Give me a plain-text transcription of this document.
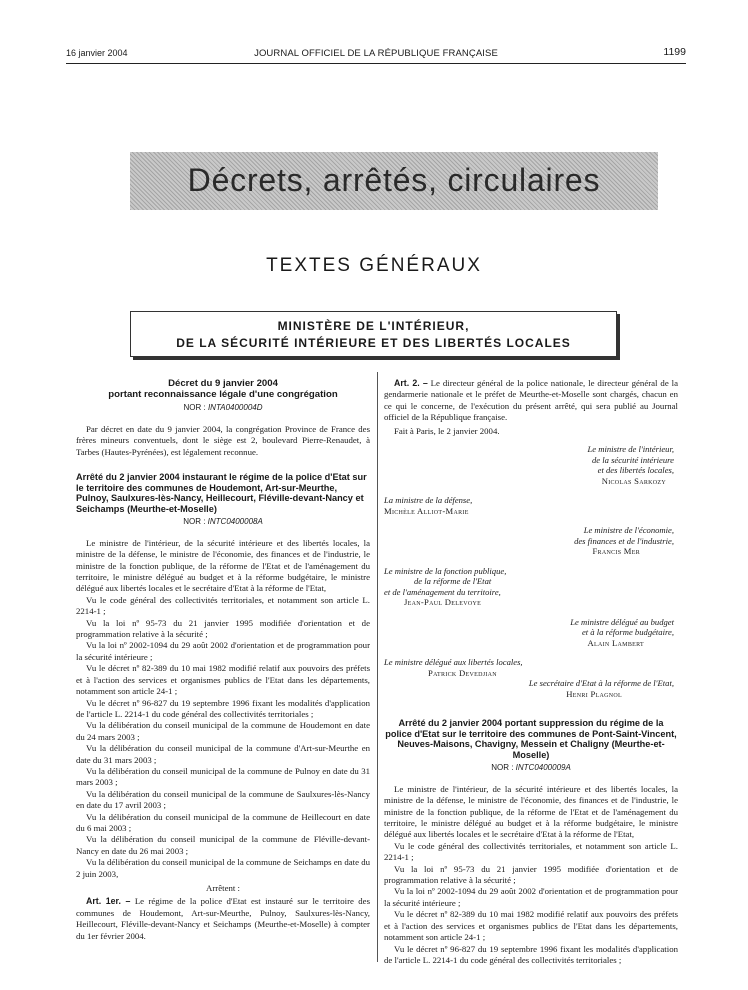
16 janvier 2004	JOURNAL OFFICIEL DE LA RÉPUBLIQUE FRANÇAISE	1199
Décrets, arrêtés, circulaires
TEXTES GÉNÉRAUX
MINISTÈRE DE L'INTÉRIEUR,
DE LA SÉCURITÉ INTÉRIEURE ET DES LIBERTÉS LOCALES
Décret du 9 janvier 2004
portant reconnaissance légale d'une congrégation
NOR : INTA0400004D

Par décret en date du 9 janvier 2004, la congrégation Province de France des frères mineurs conventuels, dont le siège est 2, boulevard Pierre-Renaudet, à Tarbes (Hautes-Pyrénées), est légalement reconnue.

Arrêté du 2 janvier 2004 instaurant le régime de la police d'Etat sur le territoire des communes de Houdemont, Art-sur-Meurthe, Pulnoy, Saulxures-lès-Nancy, Heillecourt, Fléville-devant-Nancy et Seichamps (Meurthe-et-Moselle)
NOR : INTC0400008A

Le ministre de l'intérieur, de la sécurité intérieure et des libertés locales, la ministre de la défense, le ministre de l'économie, des finances et de l'industrie, le ministre de la fonction publique, de la réforme de l'Etat et de l'aménagement du territoire, le ministre délégué au budget et à la réforme budgétaire, le ministre délégué aux libertés locales et le secrétaire d'Etat à la réforme de l'Etat,

Vu le code général des collectivités territoriales, et notamment son article L. 2214-1 ;

Vu la loi nº 95-73 du 21 janvier 1995 modifiée d'orientation et de programmation relative à la sécurité ;

Vu la loi nº 2002-1094 du 29 août 2002 d'orientation et de programmation pour la sécurité intérieure ;

Vu le décret nº 82-389 du 10 mai 1982 modifié relatif aux pouvoirs des préfets et à l'action des services et organismes publics de l'Etat dans les départements, notamment son article 24-1 ;

Vu le décret nº 96-827 du 19 septembre 1996 fixant les modalités d'application de l'article L. 2214-1 du code général des collectivités territoriales ;

Vu la délibération du conseil municipal de la commune de Houdemont en date du 24 mars 2003 ;

Vu la délibération du conseil municipal de la commune d'Art-sur-Meurthe en date du 31 mars 2003 ;

Vu la délibération du conseil municipal de la commune de Pulnoy en date du 31 mars 2003 ;

Vu la délibération du conseil municipal de la commune de Saulxures-lès-Nancy en date du 17 avril 2003 ;

Vu la délibération du conseil municipal de la commune de Heillecourt en date du 6 mai 2003 ;

Vu la délibération du conseil municipal de la commune de Fléville-devant-Nancy en date du 26 mai 2003 ;

Vu la délibération du conseil municipal de la commune de Seichamps en date du 2 juin 2003,

Arrêtent :

Art. 1er. – Le régime de la police d'Etat est instauré sur le territoire des communes de Houdemont, Art-sur-Meurthe, Pulnoy, Saulxures-lès-Nancy, Heillecourt, Fléville-devant-Nancy et Seichamps (Meurthe-et-Moselle) à compter du 1er février 2004.

Art. 2. – Le directeur général de la police nationale, le directeur général de la gendarmerie nationale et le préfet de Meurthe-et-Moselle sont chargés, chacun en ce qui le concerne, de l'exécution du présent arrêté, qui sera publié au Journal officiel de la République française.

Fait à Paris, le 2 janvier 2004.

Le ministre de l'intérieur,
de la sécurité intérieure
et des libertés locales,
Nicolas Sarkozy
La ministre de la défense,
Michèle Alliot-Marie
Le ministre de l'économie,
des finances et de l'industrie,
Francis Mer
Le ministre de la fonction publique,
de la réforme de l'Etat
et de l'aménagement du territoire,
Jean-Paul Delevoye
Le ministre délégué au budget
et à la réforme budgétaire,
Alain Lambert
Le ministre délégué aux libertés locales,
Patrick Devedjian
Le secrétaire d'Etat à la réforme de l'Etat,
Henri Plagnol
Arrêté du 2 janvier 2004 portant suppression du régime de la police d'Etat sur le territoire des communes de Pont-Saint-Vincent, Neuves-Maisons, Chavigny, Messein et Chaligny (Meurthe-et-Moselle)
NOR : INTC0400009A

Le ministre de l'intérieur, de la sécurité intérieure et des libertés locales, la ministre de la défense, le ministre de l'économie, des finances et de l'industrie, le ministre de la fonction publique, de la réforme de l'Etat et de l'aménagement du territoire, le ministre délégué au budget et à la réforme budgétaire, le ministre délégué aux libertés locales et le secrétaire d'Etat à la réforme de l'Etat,

Vu le code général des collectivités territoriales, et notamment son article L. 2214-1 ;

Vu la loi nº 95-73 du 21 janvier 1995 modifiée d'orientation et de programmation relative à la sécurité ;

Vu la loi nº 2002-1094 du 29 août 2002 d'orientation et de programmation pour la sécurité intérieure ;

Vu le décret nº 82-389 du 10 mai 1982 modifié relatif aux pouvoirs des préfets et à l'action des services et organismes publics de l'Etat dans les départements, notamment son article 24-1 ;

Vu le décret nº 96-827 du 19 septembre 1996 fixant les modalités d'application de l'article L. 2214-1 du code général des collectivités territoriales ;
